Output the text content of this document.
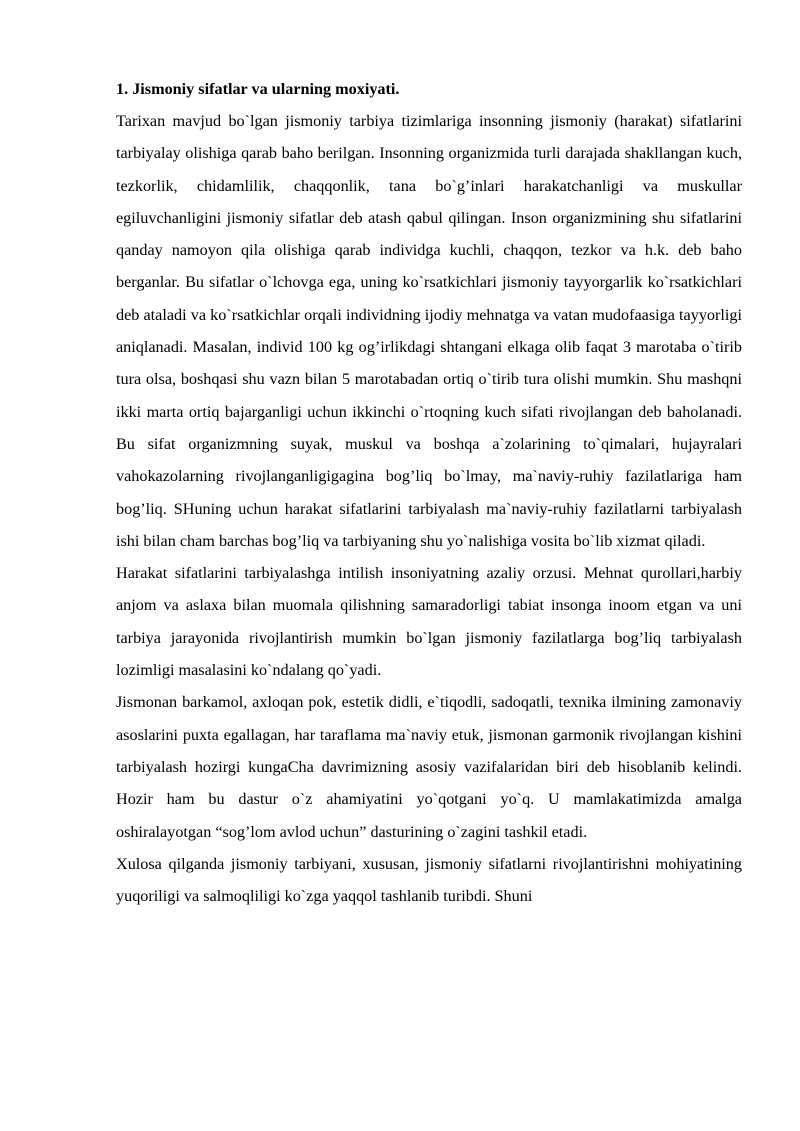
1. Jismoniy sifatlar va ularning moxiyati.

Tarixan mavjud bo`lgan jismoniy tarbiya tizimlariga insonning jismoniy (harakat) sifatlarini tarbiyalay olishiga qarab baho berilgan. Insonning organizmida turli darajada shakllangan kuch, tezkorlik, chidamlilik, chaqqonlik, tana bo`g’inlari harakatchanligi va muskullar egiluvchanligini jismoniy sifatlar deb atash qabul qilingan. Inson organizmining shu sifatlarini qanday namoyon qila olishiga qarab individga kuchli, chaqqon, tezkor va h.k. deb baho berganlar. Bu sifatlar o`lchovga ega, uning ko`rsatkichlari jismoniy tayyorgarlik ko`rsatkichlari deb ataladi va ko`rsatkichlar orqali individning ijodiy mehnatga va vatan mudofaasiga tayyorligi aniqlanadi. Masalan, individ 100 kg og’irlikdagi shtangani elkaga olib faqat 3 marotaba o`tirib tura olsa, boshqasi shu vazn bilan 5 marotabadan ortiq o`tirib tura olishi mumkin. Shu mashqni ikki marta ortiq bajarganligi uchun ikkinchi o`rtoqning kuch sifati rivojlangan deb baholanadi. Bu sifat organizmning suyak, muskul va boshqa a`zolarining to`qimalari, hujayralari vahokazolarning rivojlanganligigagina bog’liq bo`lmay, ma`naviy-ruhiy fazilatlariga ham bog’liq. SHuning uchun harakat sifatlarini tarbiyalash ma`naviy-ruhiy fazilatlarni tarbiyalash ishi bilan cham barchas bog’liq va tarbiyaning shu yo`nalishiga vosita bo`lib xizmat qiladi.

Harakat sifatlarini tarbiyalashga intilish insoniyatning azaliy orzusi. Mehnat qurollari,harbiy anjom va aslaxa bilan muomala qilishning samaradorligi tabiat insonga inoom etgan va uni tarbiya jarayonida rivojlantirish mumkin bo`lgan jismoniy fazilatlarga bog’liq tarbiyalash lozimligi masalasini ko`ndalang qo`yadi.

Jismonan barkamol, axloqan pok, estetik didli, e`tiqodli, sadoqatli, texnika ilmining zamonaviy asoslarini puxta egallagan, har taraflama ma`naviy etuk, jismonan garmonik rivojlangan kishini tarbiyalash hozirgi kungaCha davrimizning asosiy vazifalaridan biri deb hisoblanib kelindi. Hozir ham bu dastur o`z ahamiyatini yo`qotgani yo`q. U mamlakatimizda amalga oshiralayotgan “sog’lom avlod uchun” dasturining o`zagini tashkil etadi.

Xulosa qilganda jismoniy tarbiyani, xususan, jismoniy sifatlarni rivojlantirishni mohiyatining yuqoriligi va salmoqliligi ko`zga yaqqol tashlanib turibdi. Shuni
